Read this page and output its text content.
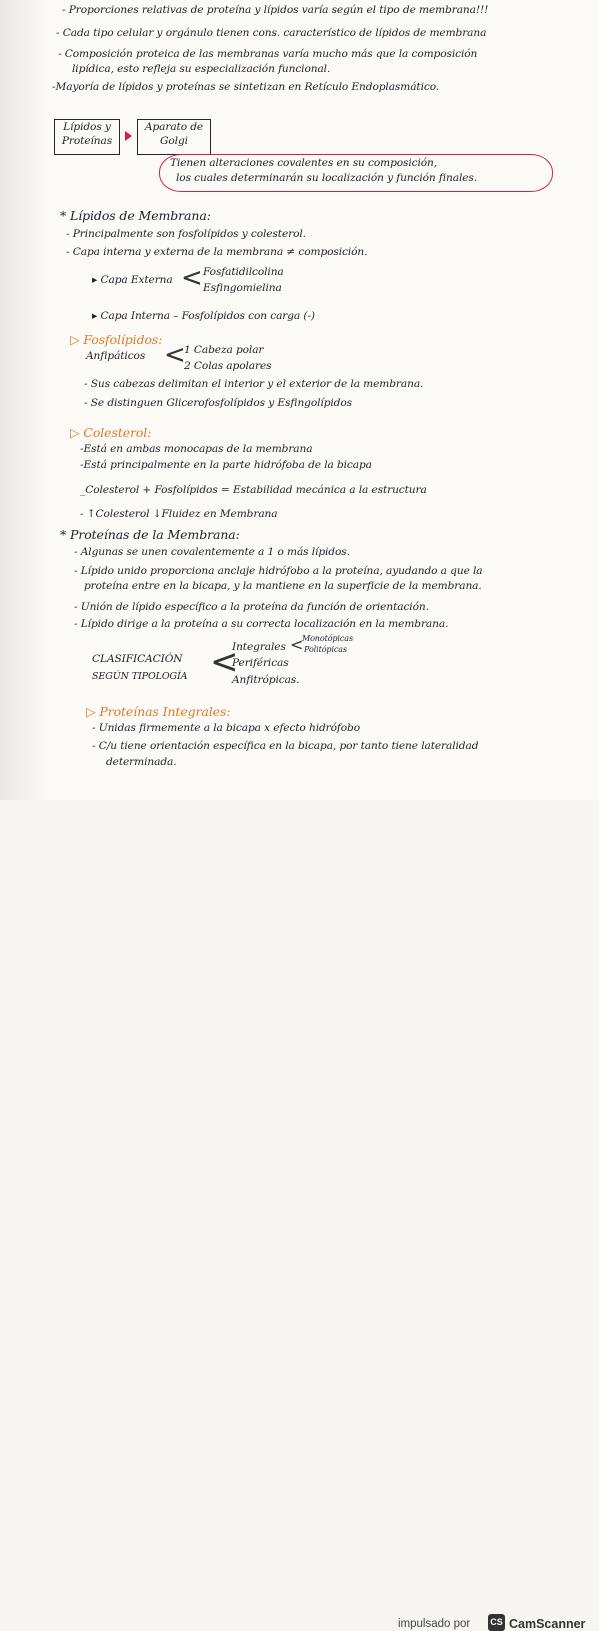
- Proporciones relativas de proteína y lípidos varía según el tipo de membrana!!!
- Cada tipo celular y orgánulo tienen cons. característico de lípidos de membrana
- Composición proteica de las membranas varía mucho más que la composición
lipídica, esto refleja su especialización funcional.
-Mayoría de lípidos y proteínas se sintetizan en Retículo Endoplasmático.
Lípidos y
Proteínas
Aparato de
Golgi
Tienen alteraciones covalentes en su composición,
los cuales determinarán su localización y función finales.
* Lípidos de Membrana:
- Principalmente son fosfolípidos y colesterol.
- Capa interna y externa de la membrana ≠ composición.
▸ Capa Externa < Fosfatidilcolina
Esfingomielina
▸ Capa Interna – Fosfolípidos con carga (-)
▷ Fosfolípidos:
Anfipáticos <
1 Cabeza polar
2 Colas apolares
- Sus cabezas delimitan el interior y el exterior de la membrana.
- Se distinguen Glicerofosfolípidos y Esfingolípidos
▷ Colesterol:
-Está en ambas monocapas de la membrana
-Está principalmente en la parte hidrófoba de la bicapa
_Colesterol + Fosfolípidos = Estabilidad mecánica a la estructura
- ↑Colesterol ↓Fluidez en Membrana
* Proteínas de la Membrana:
- Algunas se unen covalentemente a 1 o más lípidos.
- Lípido unido proporciona anclaje hidrófobo a la proteína, ayudando a que la
proteína entre en la bicapa, y la mantiene en la superficie de la membrana.
- Unión de lípido específico a la proteína da función de orientación.
- Lípido dirige a la proteína a su correcta localización en la membrana.
CLASIFICACIÓN
SEGÚN TIPOLOGÍA <
Integrales
Periféricas
Anfitrópicas.
<
Monotópicas
Politópicas
▷ Proteínas Integrales:
- Unidas firmemente a la bicapa x efecto hidrófobo
- C/u tiene orientación específica en la bicapa, por tanto tiene lateralidad
determinada.
impulsado por CS CamScanner
